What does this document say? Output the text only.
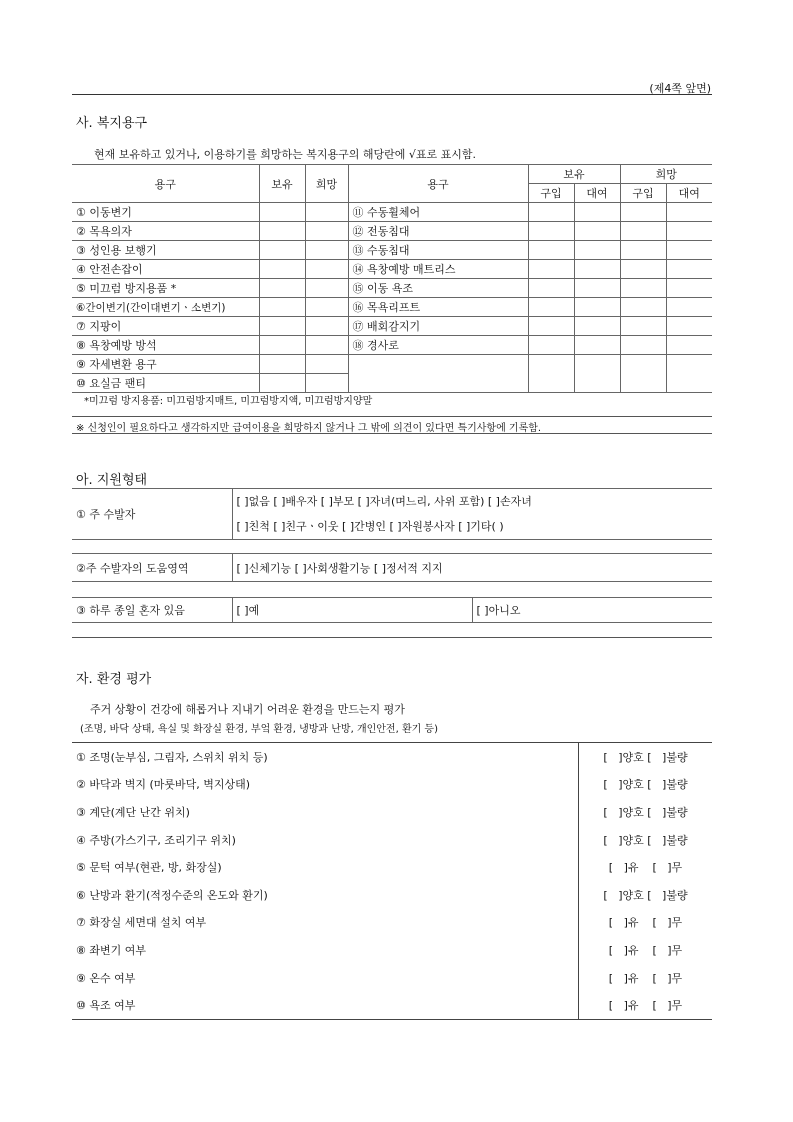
(제4쪽 앞면)
사. 복지용구
현재 보유하고 있거나, 이용하기를 희망하는 복지용구의 해당란에 √표로 표시함.
용구	보유	희망	용구	보유		희망	
				구입	대여	구입	대여
① 이동변기			⑪ 수동휠체어				
② 목욕의자			⑫ 전동침대				
③ 성인용 보행기			⑬ 수동침대				
④ 안전손잡이			⑭ 욕창예방 매트리스				
⑤ 미끄럼 방지용품 *			⑮ 이동 욕조				
⑥간이변기(간이대변기ㆍ소변기)			⑯ 목욕리프트				
⑦ 지팡이			⑰ 배회감지기				
⑧ 욕창예방 방석			⑱ 경사로				
⑨ 자세변환 용구							
⑩ 요실금 팬티							
*미끄럼 방지용품: 미끄럼방지매트, 미끄럼방지액, 미끄럼방지양말
※ 신청인이 필요하다고 생각하지만 급여이용을 희망하지 않거나 그 밖에 의견이 있다면 특기사항에 기록함.
아. 지원형태
① 주 수발자	[ ]없음 [ ]배우자 [ ]부모 [ ]자녀(며느리, 사위 포함) [ ]손자녀
[ ]친척 [ ]친구ㆍ이웃 [ ]간병인 [ ]자원봉사자 [ ]기타( )
②주 수발자의 도움영역	[ ]신체기능 [ ]사회생활기능 [ ]정서적 지지
③ 하루 종일 혼자 있음	[ ]예	[ ]아니오
자. 환경 평가
주거 상황이 건강에 해롭거나 지내기 어려운 환경을 만드는지 평가
(조명, 바닥 상태, 욕실 및 화장실 환경, 부엌 환경, 냉방과 난방, 개인안전, 환기 등)
① 조명(눈부심, 그림자, 스위치 위치 등)	[   ]양호 [   ]불량
② 바닥과 벽지 (마룻바닥, 벽지상태)	[   ]양호 [   ]불량
③ 계단(계단 난간 위치)	[   ]양호 [   ]불량
④ 주방(가스기구, 조리기구 위치)	[   ]양호 [   ]불량
⑤ 문턱 여부(현관, 방, 화장실)	[   ]유    [   ]무
⑥ 난방과 환기(적정수준의 온도와 환기)	[   ]양호 [   ]불량
⑦ 화장실 세면대 설치 여부	[   ]유    [   ]무
⑧ 좌변기 여부	[   ]유    [   ]무
⑨ 온수 여부	[   ]유    [   ]무
⑩ 욕조 여부	[   ]유    [   ]무
